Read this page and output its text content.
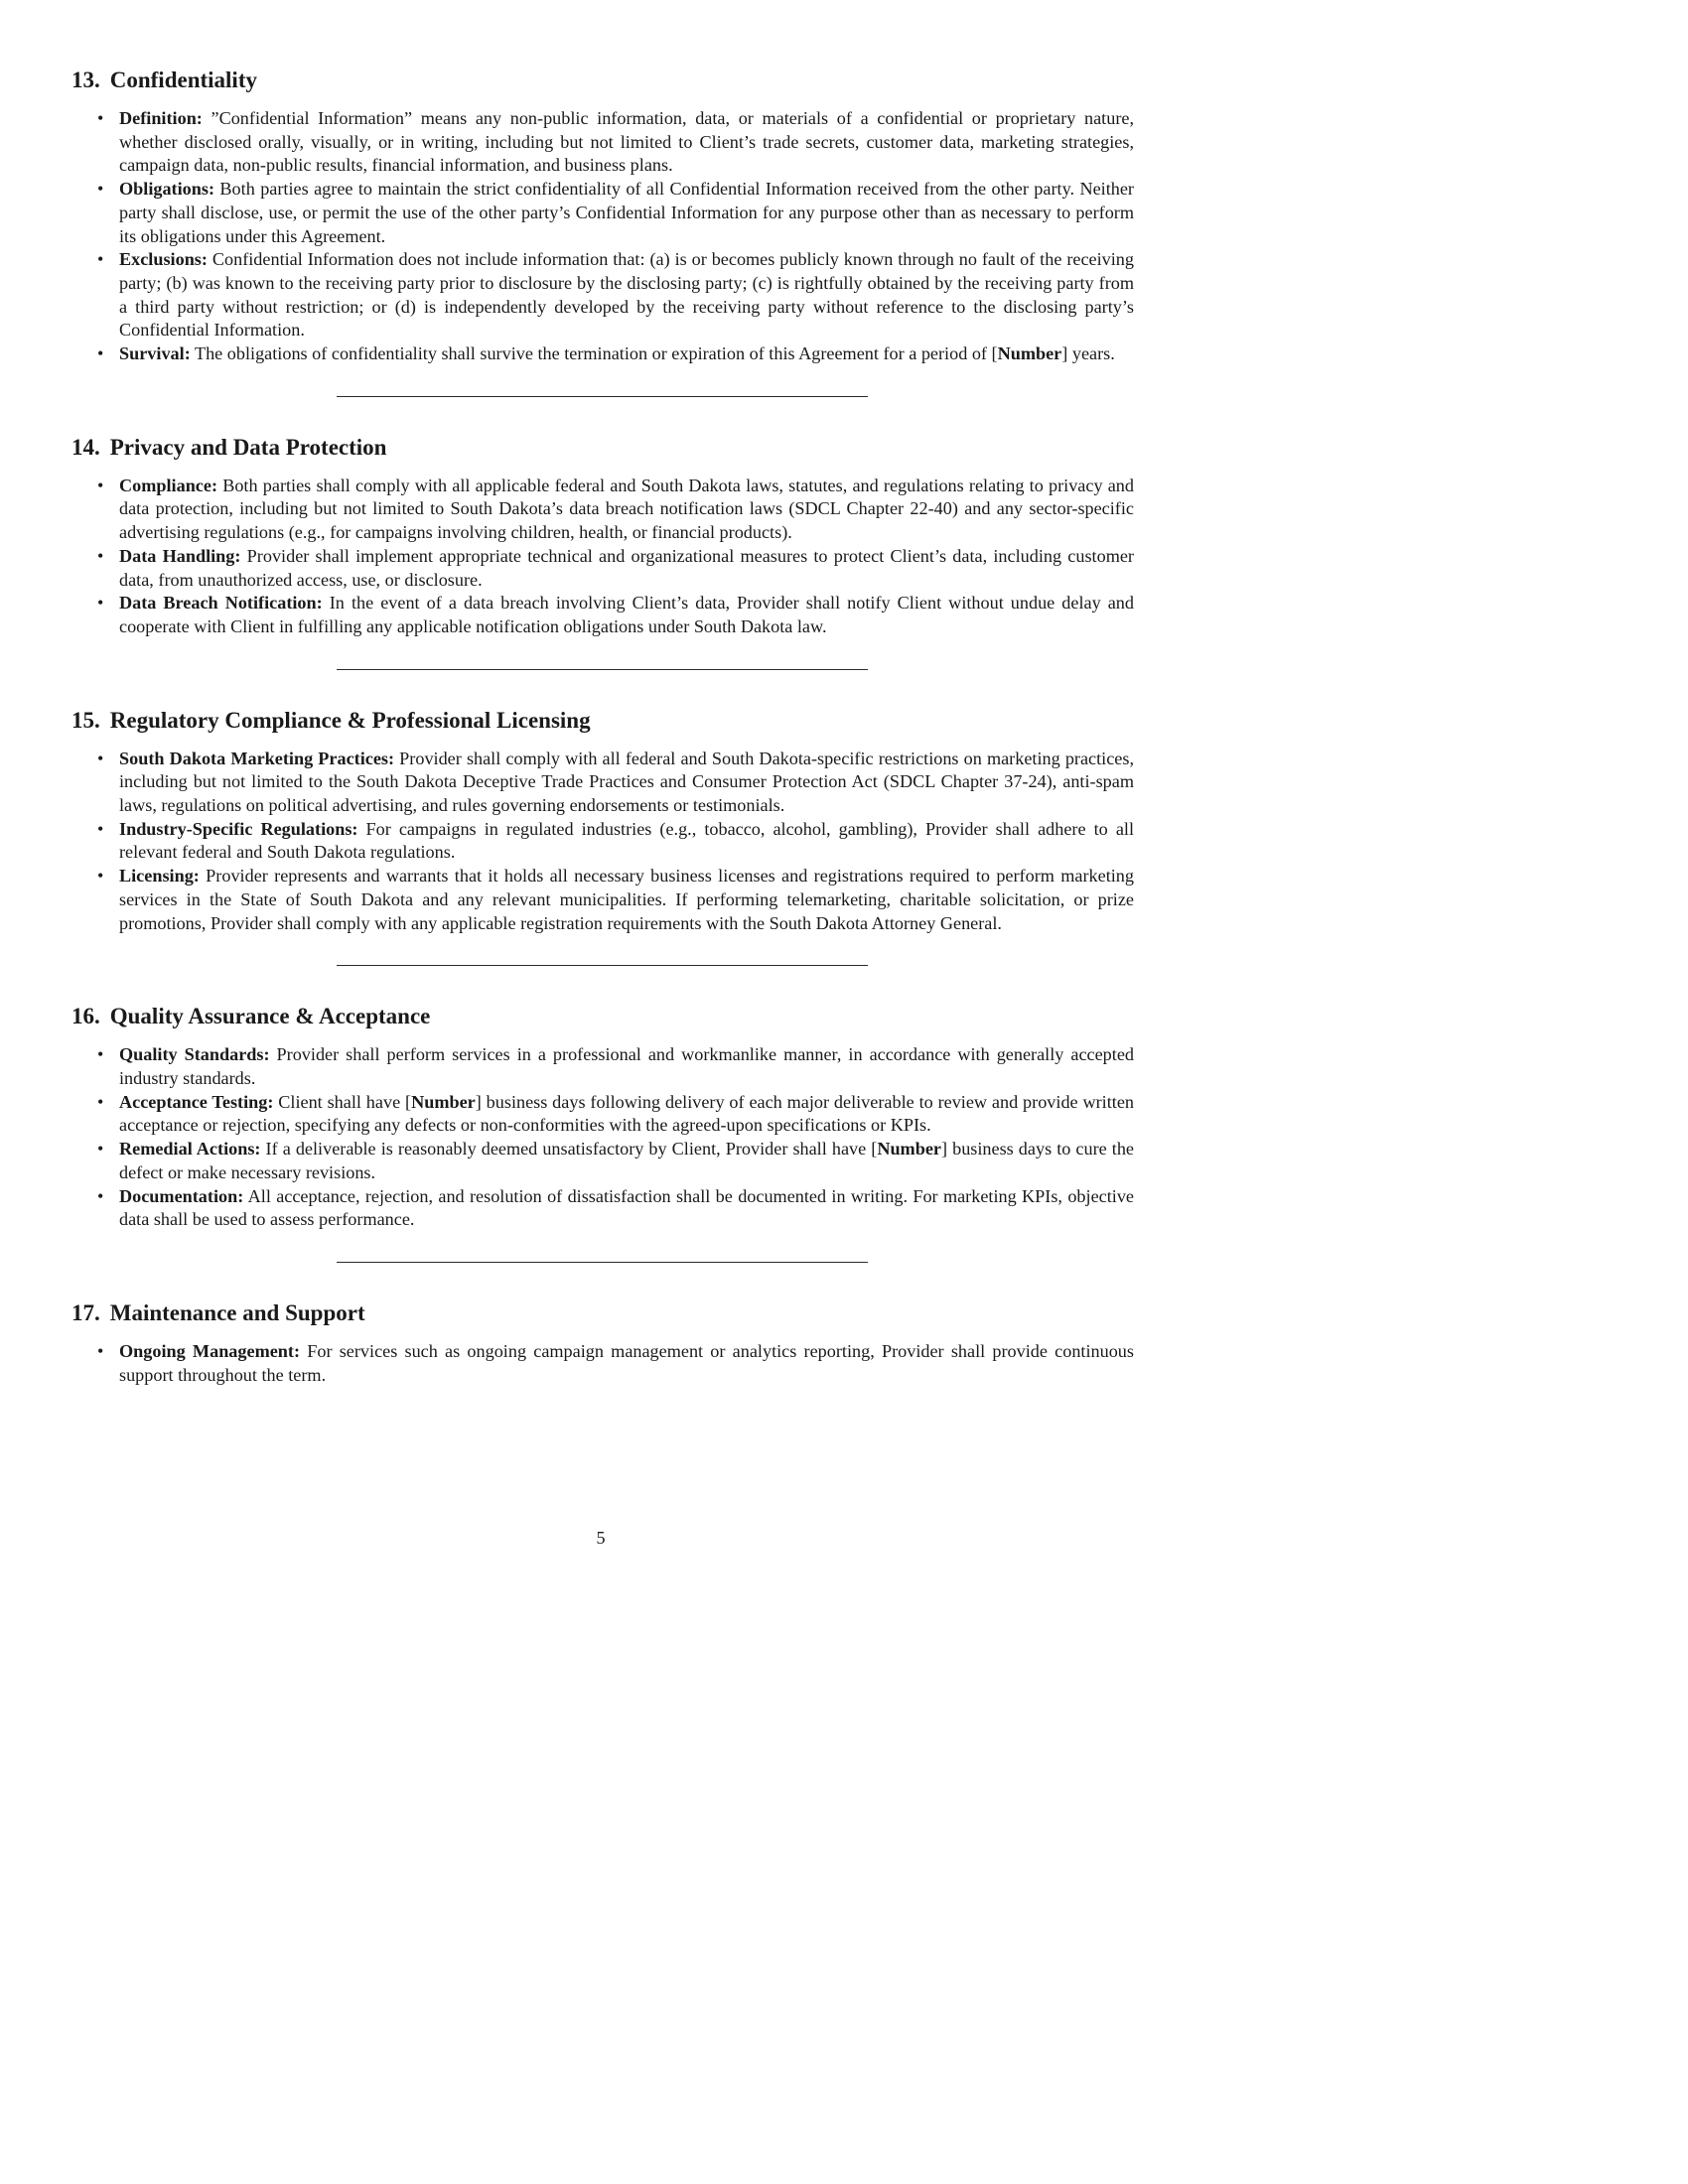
13. Confidentiality
• Definition: ”Confidential Information” means any non-public information, data, or materials of a confidential or proprietary nature, whether disclosed orally, visually, or in writing, including but not limited to Client’s trade secrets, customer data, marketing strategies, campaign data, non-public results, financial information, and business plans.
• Obligations: Both parties agree to maintain the strict confidentiality of all Confidential Information received from the other party. Neither party shall disclose, use, or permit the use of the other party’s Confidential Information for any purpose other than as necessary to perform its obligations under this Agreement.
• Exclusions: Confidential Information does not include information that: (a) is or becomes publicly known through no fault of the receiving party; (b) was known to the receiving party prior to disclosure by the disclosing party; (c) is rightfully obtained by the receiving party from a third party without restriction; or (d) is independently developed by the receiving party without reference to the disclosing party’s Confidential Information.
• Survival: The obligations of confidentiality shall survive the termination or expiration of this Agreement for a period of [Number] years.
14. Privacy and Data Protection
• Compliance: Both parties shall comply with all applicable federal and South Dakota laws, statutes, and regulations relating to privacy and data protection, including but not limited to South Dakota’s data breach notification laws (SDCL Chapter 22-40) and any sector-specific advertising regulations (e.g., for campaigns involving children, health, or financial products).
• Data Handling: Provider shall implement appropriate technical and organizational measures to protect Client’s data, including customer data, from unauthorized access, use, or disclosure.
• Data Breach Notification: In the event of a data breach involving Client’s data, Provider shall notify Client without undue delay and cooperate with Client in fulfilling any applicable notification obligations under South Dakota law.
15. Regulatory Compliance & Professional Licensing
• South Dakota Marketing Practices: Provider shall comply with all federal and South Dakota-specific restrictions on marketing practices, including but not limited to the South Dakota Deceptive Trade Practices and Consumer Protection Act (SDCL Chapter 37-24), anti-spam laws, regulations on political advertising, and rules governing endorsements or testimonials.
• Industry-Specific Regulations: For campaigns in regulated industries (e.g., tobacco, alcohol, gambling), Provider shall adhere to all relevant federal and South Dakota regulations.
• Licensing: Provider represents and warrants that it holds all necessary business licenses and registrations required to perform marketing services in the State of South Dakota and any relevant municipalities. If performing telemarketing, charitable solicitation, or prize promotions, Provider shall comply with any applicable registration requirements with the South Dakota Attorney General.
16. Quality Assurance & Acceptance
• Quality Standards: Provider shall perform services in a professional and workmanlike manner, in accordance with generally accepted industry standards.
• Acceptance Testing: Client shall have [Number] business days following delivery of each major deliverable to review and provide written acceptance or rejection, specifying any defects or non-conformities with the agreed-upon specifications or KPIs.
• Remedial Actions: If a deliverable is reasonably deemed unsatisfactory by Client, Provider shall have [Number] business days to cure the defect or make necessary revisions.
• Documentation: All acceptance, rejection, and resolution of dissatisfaction shall be documented in writing. For marketing KPIs, objective data shall be used to assess performance.
17. Maintenance and Support
• Ongoing Management: For services such as ongoing campaign management or analytics reporting, Provider shall provide continuous support throughout the term.
5
